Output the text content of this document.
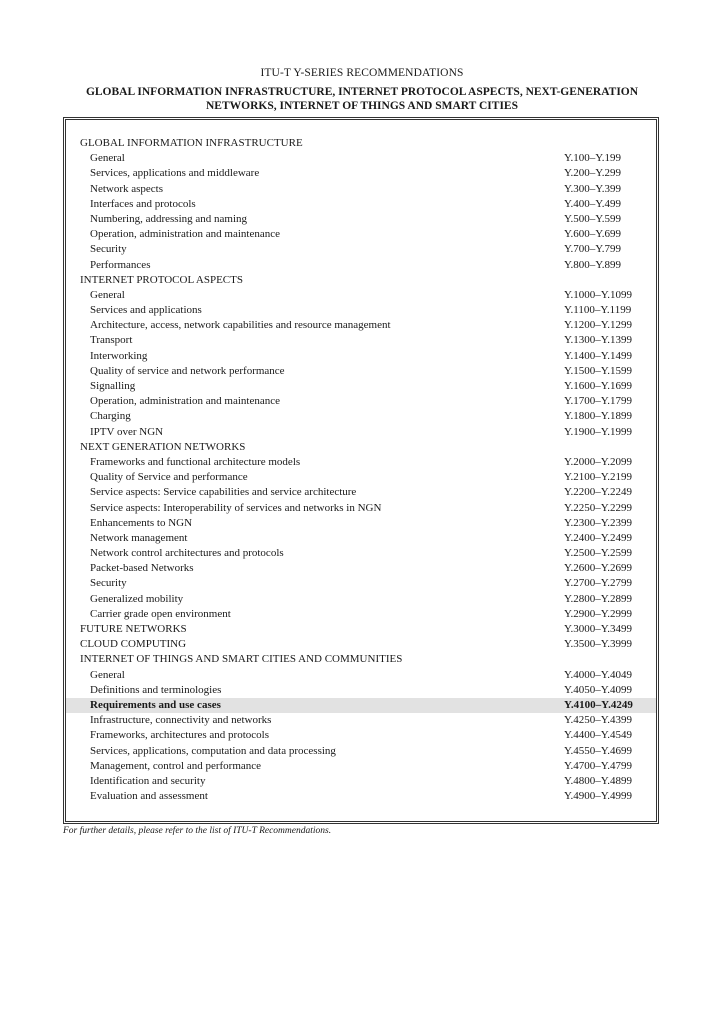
ITU-T Y-SERIES RECOMMENDATIONS
GLOBAL INFORMATION INFRASTRUCTURE, INTERNET PROTOCOL ASPECTS, NEXT-GENERATION NETWORKS, INTERNET OF THINGS AND SMART CITIES
GLOBAL INFORMATION INFRASTRUCTURE
General	Y.100–Y.199
Services, applications and middleware	Y.200–Y.299
Network aspects	Y.300–Y.399
Interfaces and protocols	Y.400–Y.499
Numbering, addressing and naming	Y.500–Y.599
Operation, administration and maintenance	Y.600–Y.699
Security	Y.700–Y.799
Performances	Y.800–Y.899
INTERNET PROTOCOL ASPECTS
General	Y.1000–Y.1099
Services and applications	Y.1100–Y.1199
Architecture, access, network capabilities and resource management	Y.1200–Y.1299
Transport	Y.1300–Y.1399
Interworking	Y.1400–Y.1499
Quality of service and network performance	Y.1500–Y.1599
Signalling	Y.1600–Y.1699
Operation, administration and maintenance	Y.1700–Y.1799
Charging	Y.1800–Y.1899
IPTV over NGN	Y.1900–Y.1999
NEXT GENERATION NETWORKS
Frameworks and functional architecture models	Y.2000–Y.2099
Quality of Service and performance	Y.2100–Y.2199
Service aspects: Service capabilities and service architecture	Y.2200–Y.2249
Service aspects: Interoperability of services and networks in NGN	Y.2250–Y.2299
Enhancements to NGN	Y.2300–Y.2399
Network management	Y.2400–Y.2499
Network control architectures and protocols	Y.2500–Y.2599
Packet-based Networks	Y.2600–Y.2699
Security	Y.2700–Y.2799
Generalized mobility	Y.2800–Y.2899
Carrier grade open environment	Y.2900–Y.2999
FUTURE NETWORKS	Y.3000–Y.3499
CLOUD COMPUTING	Y.3500–Y.3999
INTERNET OF THINGS AND SMART CITIES AND COMMUNITIES
General	Y.4000–Y.4049
Definitions and terminologies	Y.4050–Y.4099
Requirements and use cases	Y.4100–Y.4249
Infrastructure, connectivity and networks	Y.4250–Y.4399
Frameworks, architectures and protocols	Y.4400–Y.4549
Services, applications, computation and data processing	Y.4550–Y.4699
Management, control and performance	Y.4700–Y.4799
Identification and security	Y.4800–Y.4899
Evaluation and assessment	Y.4900–Y.4999
For further details, please refer to the list of ITU-T Recommendations.
